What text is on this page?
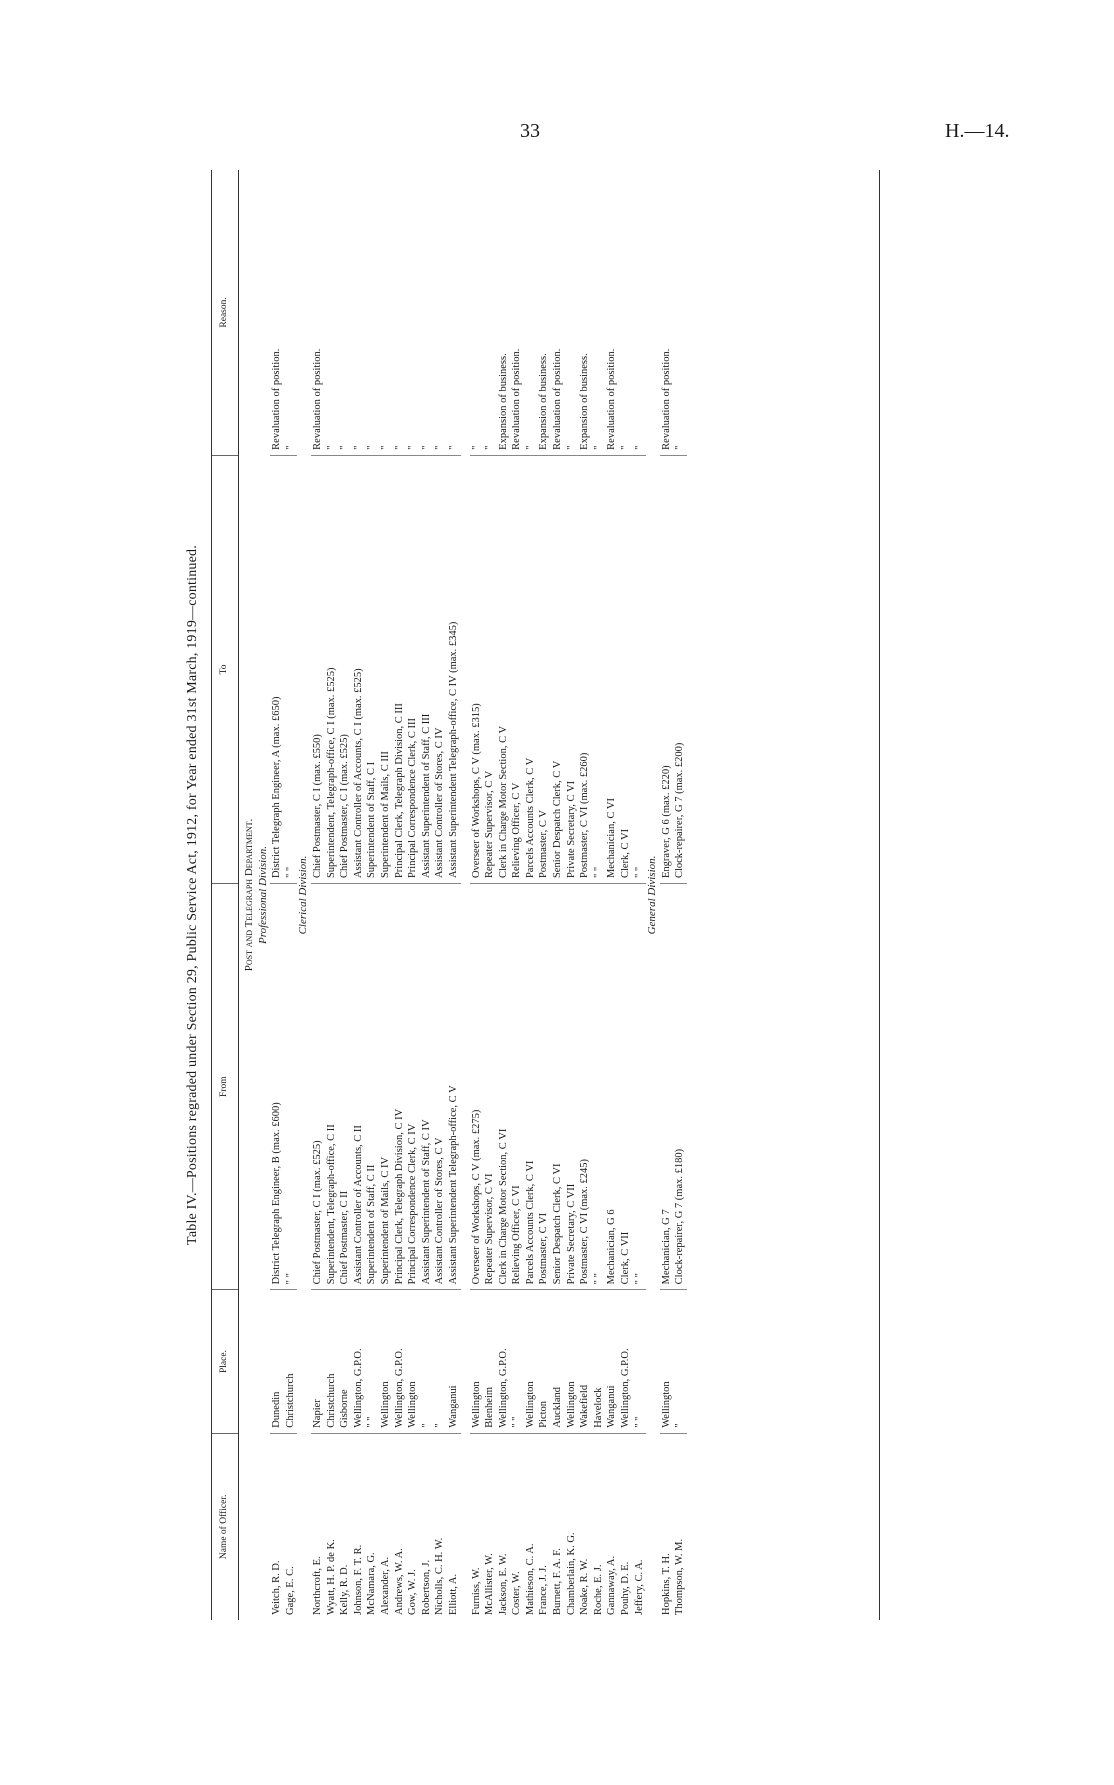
33	H.—14.
Table IV.—Positions regraded under Section 29, Public Service Act, 1912, for Year ended 31st March, 1919—continued.
Name of Officer.	Place.	From	To	Reason.
Post and Telegraph Department.				
Professional Division.				
Veitch, R. D.	Dunedin	District Telegraph Engineer, B (max. £600)	District Telegraph Engineer, A (max. £650)	Revaluation of position.
Gage, E. C.	Christchurch	" "	" "	"
Clerical Division.				
Northcroft, E.	Napier	Chief Postmaster, C I (max. £525)	Chief Postmaster, C I (max. £550)	Revaluation of position.
Wyatt, H. P. de K.	Christchurch	Superintendent, Telegraph-office, C II	Superintendent, Telegraph-office, C I (max. £525)	"
Kelly, R. D.	Gisborne	Chief Postmaster, C II	Chief Postmaster, C I (max. £525)	"
Johnson, F. T. R.	Wellington, G.P.O.	Assistant Controller of Accounts, C II	Assistant Controller of Accounts, C I (max. £525)	"
McNamara, G.	" "	Superintendent of Staff, C II	Superintendent of Staff, C I	"
Alexander, A.	Wellington	Superintendent of Mails, C IV	Superintendent of Mails, C III	"
Andrews, W. A.	Wellington, G.P.O.	Principal Clerk, Telegraph Division, C IV	Principal Clerk, Telegraph Division, C III	"
Gow, W. J.	Wellington	Principal Correspondence Clerk, C IV	Principal Correspondence Clerk, C III	"
Robertson, J.	"	Assistant Superintendent of Staff, C IV	Assistant Superintendent of Staff, C III	"
Nicholls, C. H. W.	"	Assistant Controller of Stores, C V	Assistant Controller of Stores, C IV	"
Elliott, A.	Wanganui	Assistant Superintendent Telegraph-office, C V	Assistant Superintendent Telegraph-office, C IV (max. £345)	"

Furniss, W.	Wellington	Overseer of Workshops, C V (max. £275)	Overseer of Workshops, C V (max. £315)	"
McAllister, W.	Blenheim	Repeater Supervisor, C VI	Repeater Supervisor, C V	"
Jackson, E. W.	Wellington, G.P.O.	Clerk in Charge Motor Section, C VI	Clerk in Charge Motor Section, C V	Expansion of business.
Coster, W.	" "	Relieving Officer, C VI	Relieving Officer, C V	Revaluation of position.
Mathieson, C. A.	Wellington	Parcels Accounts Clerk, C VI	Parcels Accounts Clerk, C V	"
France, J. J.	Picton	Postmaster, C VI	Postmaster, C V	Expansion of business.
Burnett, F. A. F.	Auckland	Senior Despatch Clerk, C VI	Senior Despatch Clerk, C V	Revaluation of position.
Chamberlain, K. G.	Wellington	Private Secretary, C VII	Private Secretary, C VI	"
Noake, R. W.	Wakefield	Postmaster, C VI (max. £245)	Postmaster, C VI (max. £260)	Expansion of business.
Roche, E. J.	Havelock	" "	" "	"
Gannaway, A.	Wanganui	Mechanician, G 6	Mechanician, C VI	Revaluation of position.
Pouhy, D. E.	Wellington, G.P.O.	Clerk, C VII	Clerk, C VI	"
Jeffery, C. A.	" "	" "	" "	"
General Division.				
Hopkins, T. H.	Wellington	Mechanician, G 7	Engraver, G 6 (max. £220)	Revaluation of position.
Thompson, W. M.	"	Clock-repairer, G 7 (max. £180)	Clock-repairer, G 7 (max. £200)	"
